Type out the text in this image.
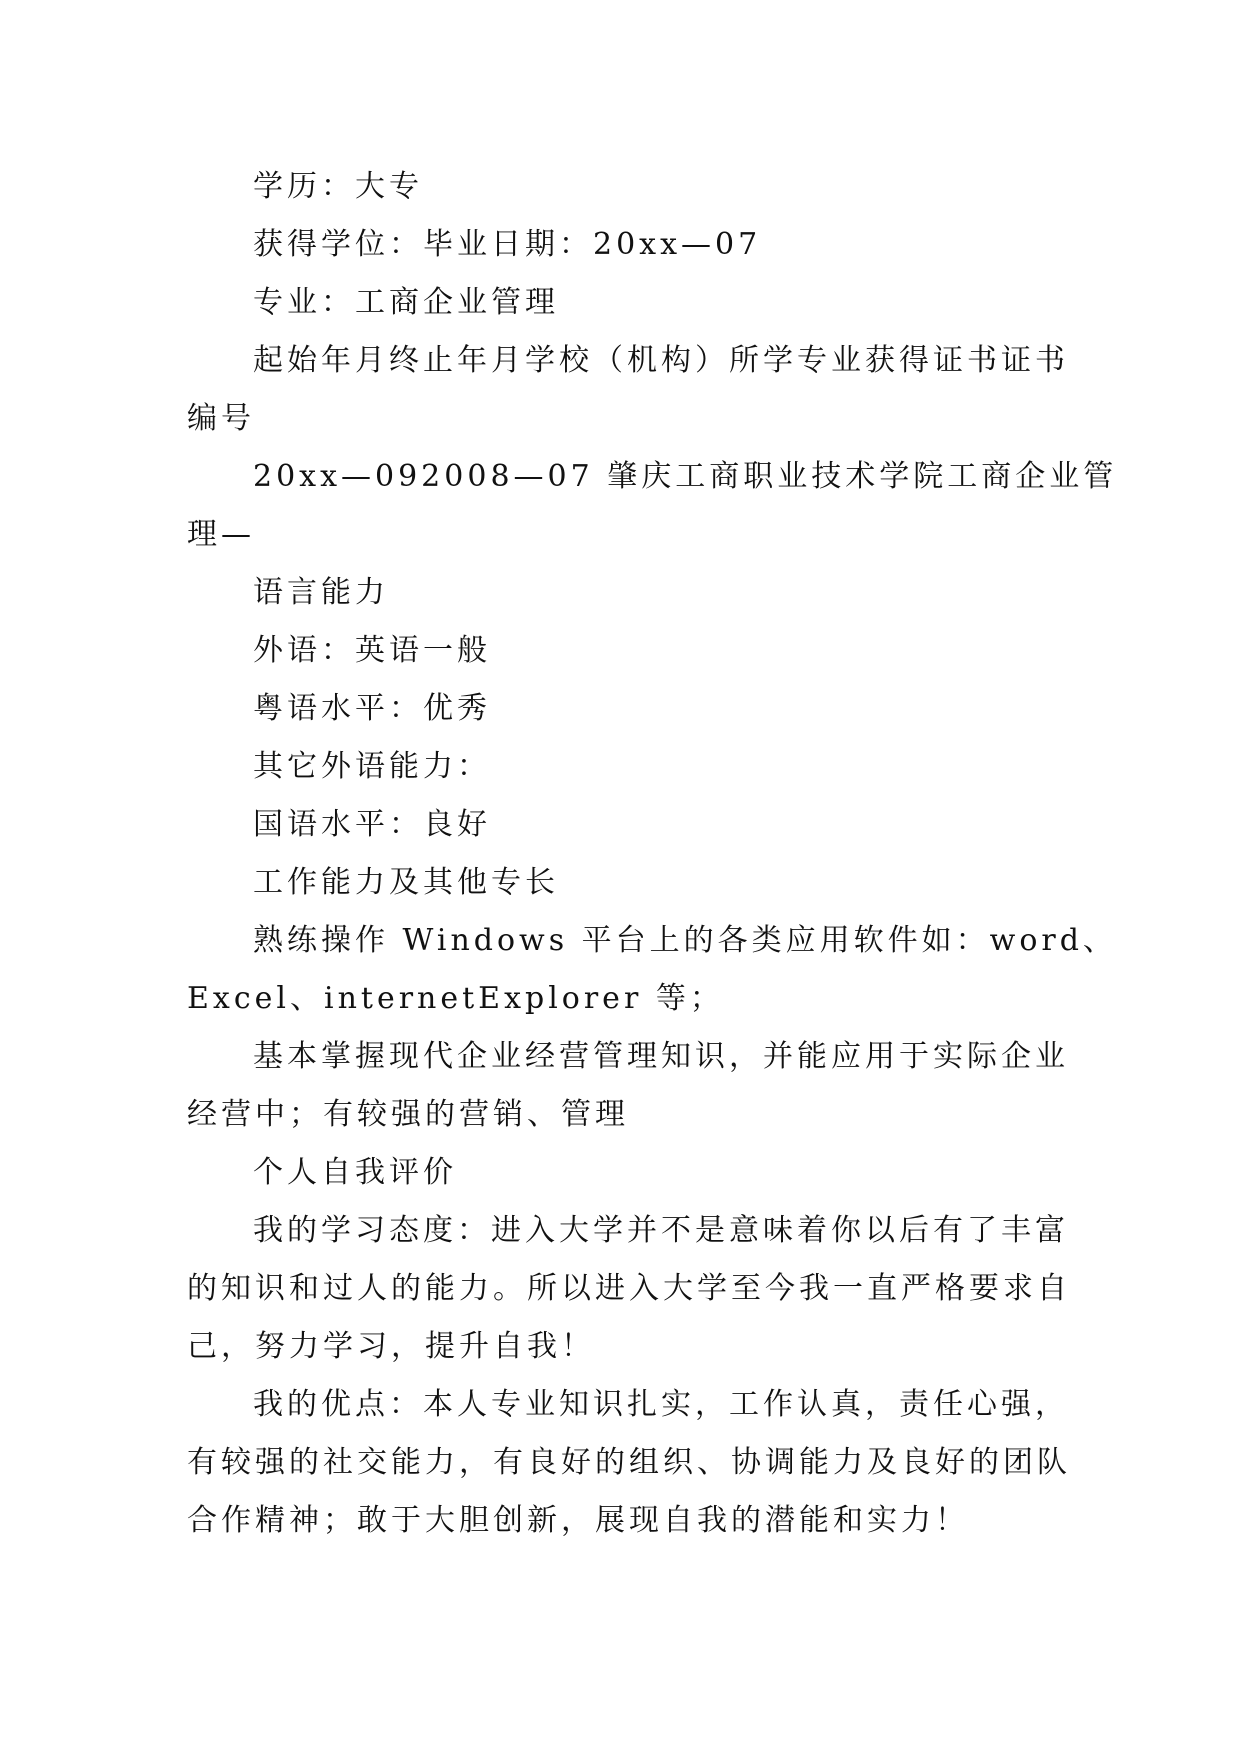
学历：大专
获得学位：毕业日期：20xx—07
专业：工商企业管理
起始年月终止年月学校（机构）所学专业获得证书证书
编号
20xx—092008—07 肇庆工商职业技术学院工商企业管
理—
语言能力
外语：英语一般
粤语水平：优秀
其它外语能力：
国语水平：良好
工作能力及其他专长
熟练操作 Windows 平台上的各类应用软件如：word、
Excel、internetExplorer 等；
基本掌握现代企业经营管理知识，并能应用于实际企业
经营中；有较强的营销、管理
个人自我评价
我的学习态度：进入大学并不是意味着你以后有了丰富
的知识和过人的能力。所以进入大学至今我一直严格要求自
己，努力学习，提升自我！
我的优点：本人专业知识扎实，工作认真，责任心强，
有较强的社交能力，有良好的组织、协调能力及良好的团队
合作精神；敢于大胆创新，展现自我的潜能和实力！
